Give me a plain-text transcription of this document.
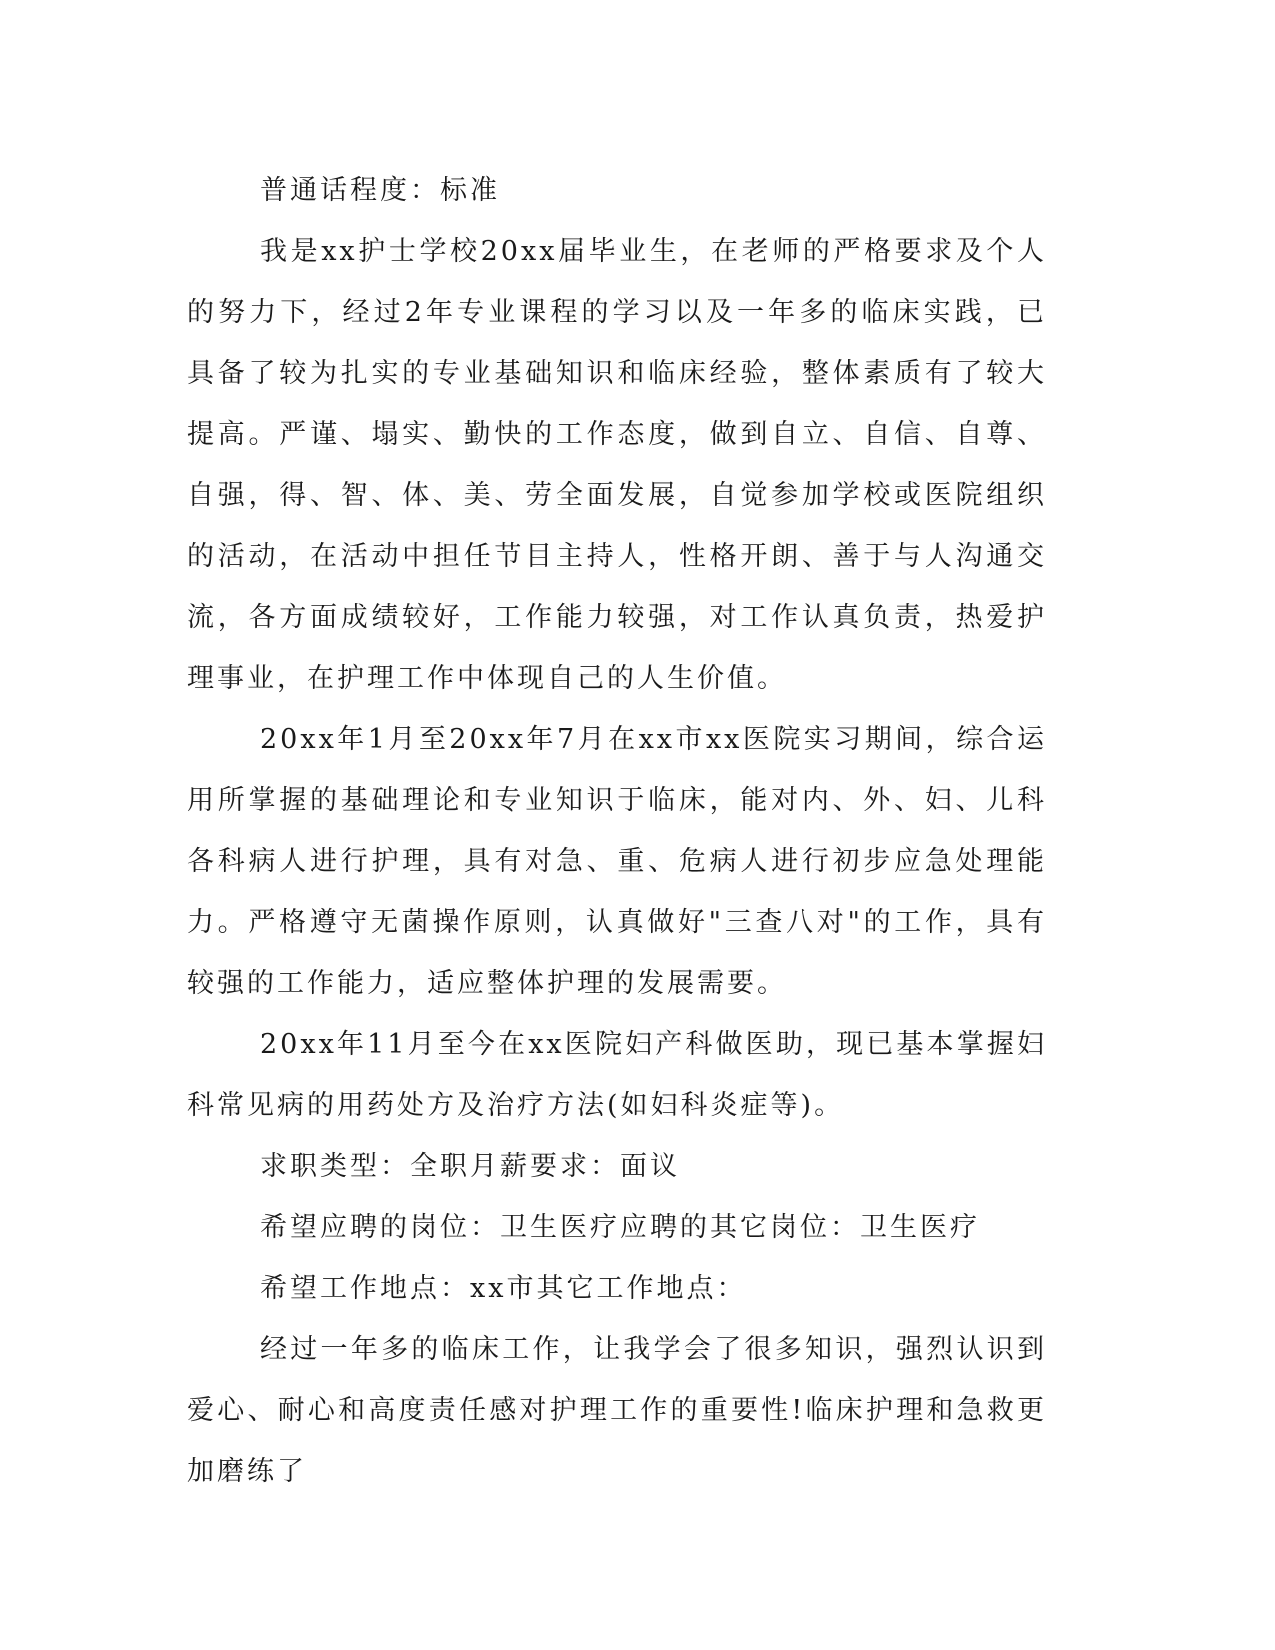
普通话程度：标准

我是xx护士学校20xx届毕业生，在老师的严格要求及个人的努力下，经过2年专业课程的学习以及一年多的临床实践，已具备了较为扎实的专业基础知识和临床经验，整体素质有了较大提高。严谨、塌实、勤快的工作态度，做到自立、自信、自尊、自强，得、智、体、美、劳全面发展，自觉参加学校或医院组织的活动，在活动中担任节目主持人，性格开朗、善于与人沟通交流，各方面成绩较好，工作能力较强，对工作认真负责，热爱护理事业，在护理工作中体现自己的人生价值。

20xx年1月至20xx年7月在xx市xx医院实习期间，综合运用所掌握的基础理论和专业知识于临床，能对内、外、妇、儿科各科病人进行护理，具有对急、重、危病人进行初步应急处理能力。严格遵守无菌操作原则，认真做好"三查八对"的工作，具有较强的工作能力，适应整体护理的发展需要。

20xx年11月至今在xx医院妇产科做医助，现已基本掌握妇科常见病的用药处方及治疗方法(如妇科炎症等)。

求职类型：全职月薪要求：面议

希望应聘的岗位：卫生医疗应聘的其它岗位：卫生医疗

希望工作地点：xx市其它工作地点：

经过一年多的临床工作，让我学会了很多知识，强烈认识到爱心、耐心和高度责任感对护理工作的重要性!临床护理和急救更加磨练了
